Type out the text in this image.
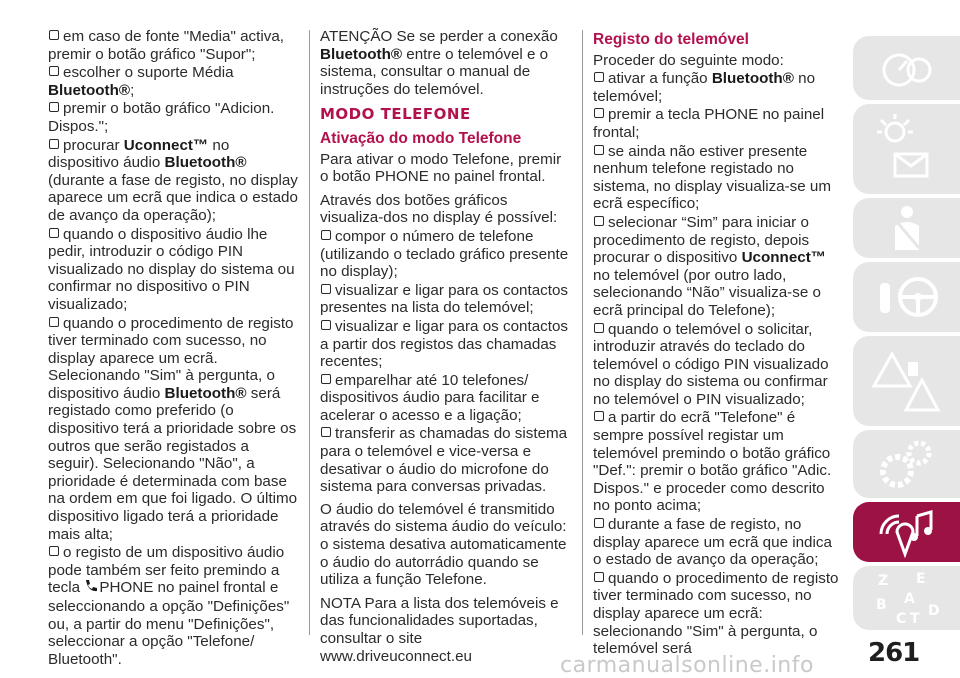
em caso de fonte "Media" activa, premir o botão gráfico "Supor";
escolher o suporte Média Bluetooth®;
premir o botão gráfico "Adicion. Dispos.";
procurar Uconnect™ no dispositivo áudio Bluetooth® (durante a fase de registo, no display aparece um ecrã que indica o estado de avanço da operação);
quando o dispositivo áudio lhe pedir, introduzir o código PIN visualizado no display do sistema ou confirmar no dispositivo o PIN visualizado;
quando o procedimento de registo tiver terminado com sucesso, no display aparece um ecrã. Selecionando "Sim" à pergunta, o dispositivo áudio Bluetooth® será registado como preferido (o dispositivo terá a prioridade sobre os outros que serão registados a seguir). Selecionando "Não", a prioridade é determinada com base na ordem em que foi ligado. O último dispositivo ligado terá a prioridade mais alta;
o registo de um dispositivo áudio pode também ser feito premindo a tecla PHONE no painel frontal e seleccionando a opção "Definições" ou, a partir do menu "Definições", seleccionar a opção "Telefone/ Bluetooth".

ATENÇÃO Se se perder a conexão Bluetooth® entre o telemóvel e o sistema, consultar o manual de instruções do telemóvel.

MODO TELEFONE
Ativação do modo Telefone

Para ativar o modo Telefone, premir o botão PHONE no painel frontal.

Através dos botões gráficos visualiza-dos no display é possível:

compor o número de telefone (utilizando o teclado gráfico presente no display);
visualizar e ligar para os contactos presentes na lista do telemóvel;
visualizar e ligar para os contactos a partir dos registos das chamadas recentes;
emparelhar até 10 telefones/ dispositivos áudio para facilitar e acelerar o acesso e a ligação;
transferir as chamadas do sistema para o telemóvel e vice-versa e desativar o áudio do microfone do sistema para conversas privadas.

O áudio do telemóvel é transmitido através do sistema áudio do veículo: o sistema desativa automaticamente o áudio do autorrádio quando se utiliza a função Telefone.

NOTA Para a lista dos telemóveis e das funcionalidades suportadas, consultar o site www.driveuconnect.eu

Registo do telemóvel

Proceder do seguinte modo:

ativar a função Bluetooth® no telemóvel;
premir a tecla PHONE no painel frontal;
se ainda não estiver presente nenhum telefone registado no sistema, no display visualiza-se um ecrã específico;
selecionar “Sim” para iniciar o procedimento de registo, depois procurar o dispositivo Uconnect™ no telemóvel (por outro lado, selecionando “Não” visualiza-se o ecrã principal do Telefone);
quando o telemóvel o solicitar, introduzir através do teclado do telemóvel o código PIN visualizado no display do sistema ou confirmar no telemóvel o PIN visualizado;
a partir do ecrã "Telefone" é sempre possível registar um telemóvel premindo o botão gráfico "Def.": premir o botão gráfico "Adic. Dispos." e proceder como descrito no ponto acima;
durante a fase de registo, no display aparece um ecrã que indica o estado de avanço da operação;
quando o procedimento de registo tiver terminado com sucesso, no display aparece um ecrã: selecionando "Sim" à pergunta, o telemóvel será
Z E
A
B
C T D
261
carmanualsonline.info
